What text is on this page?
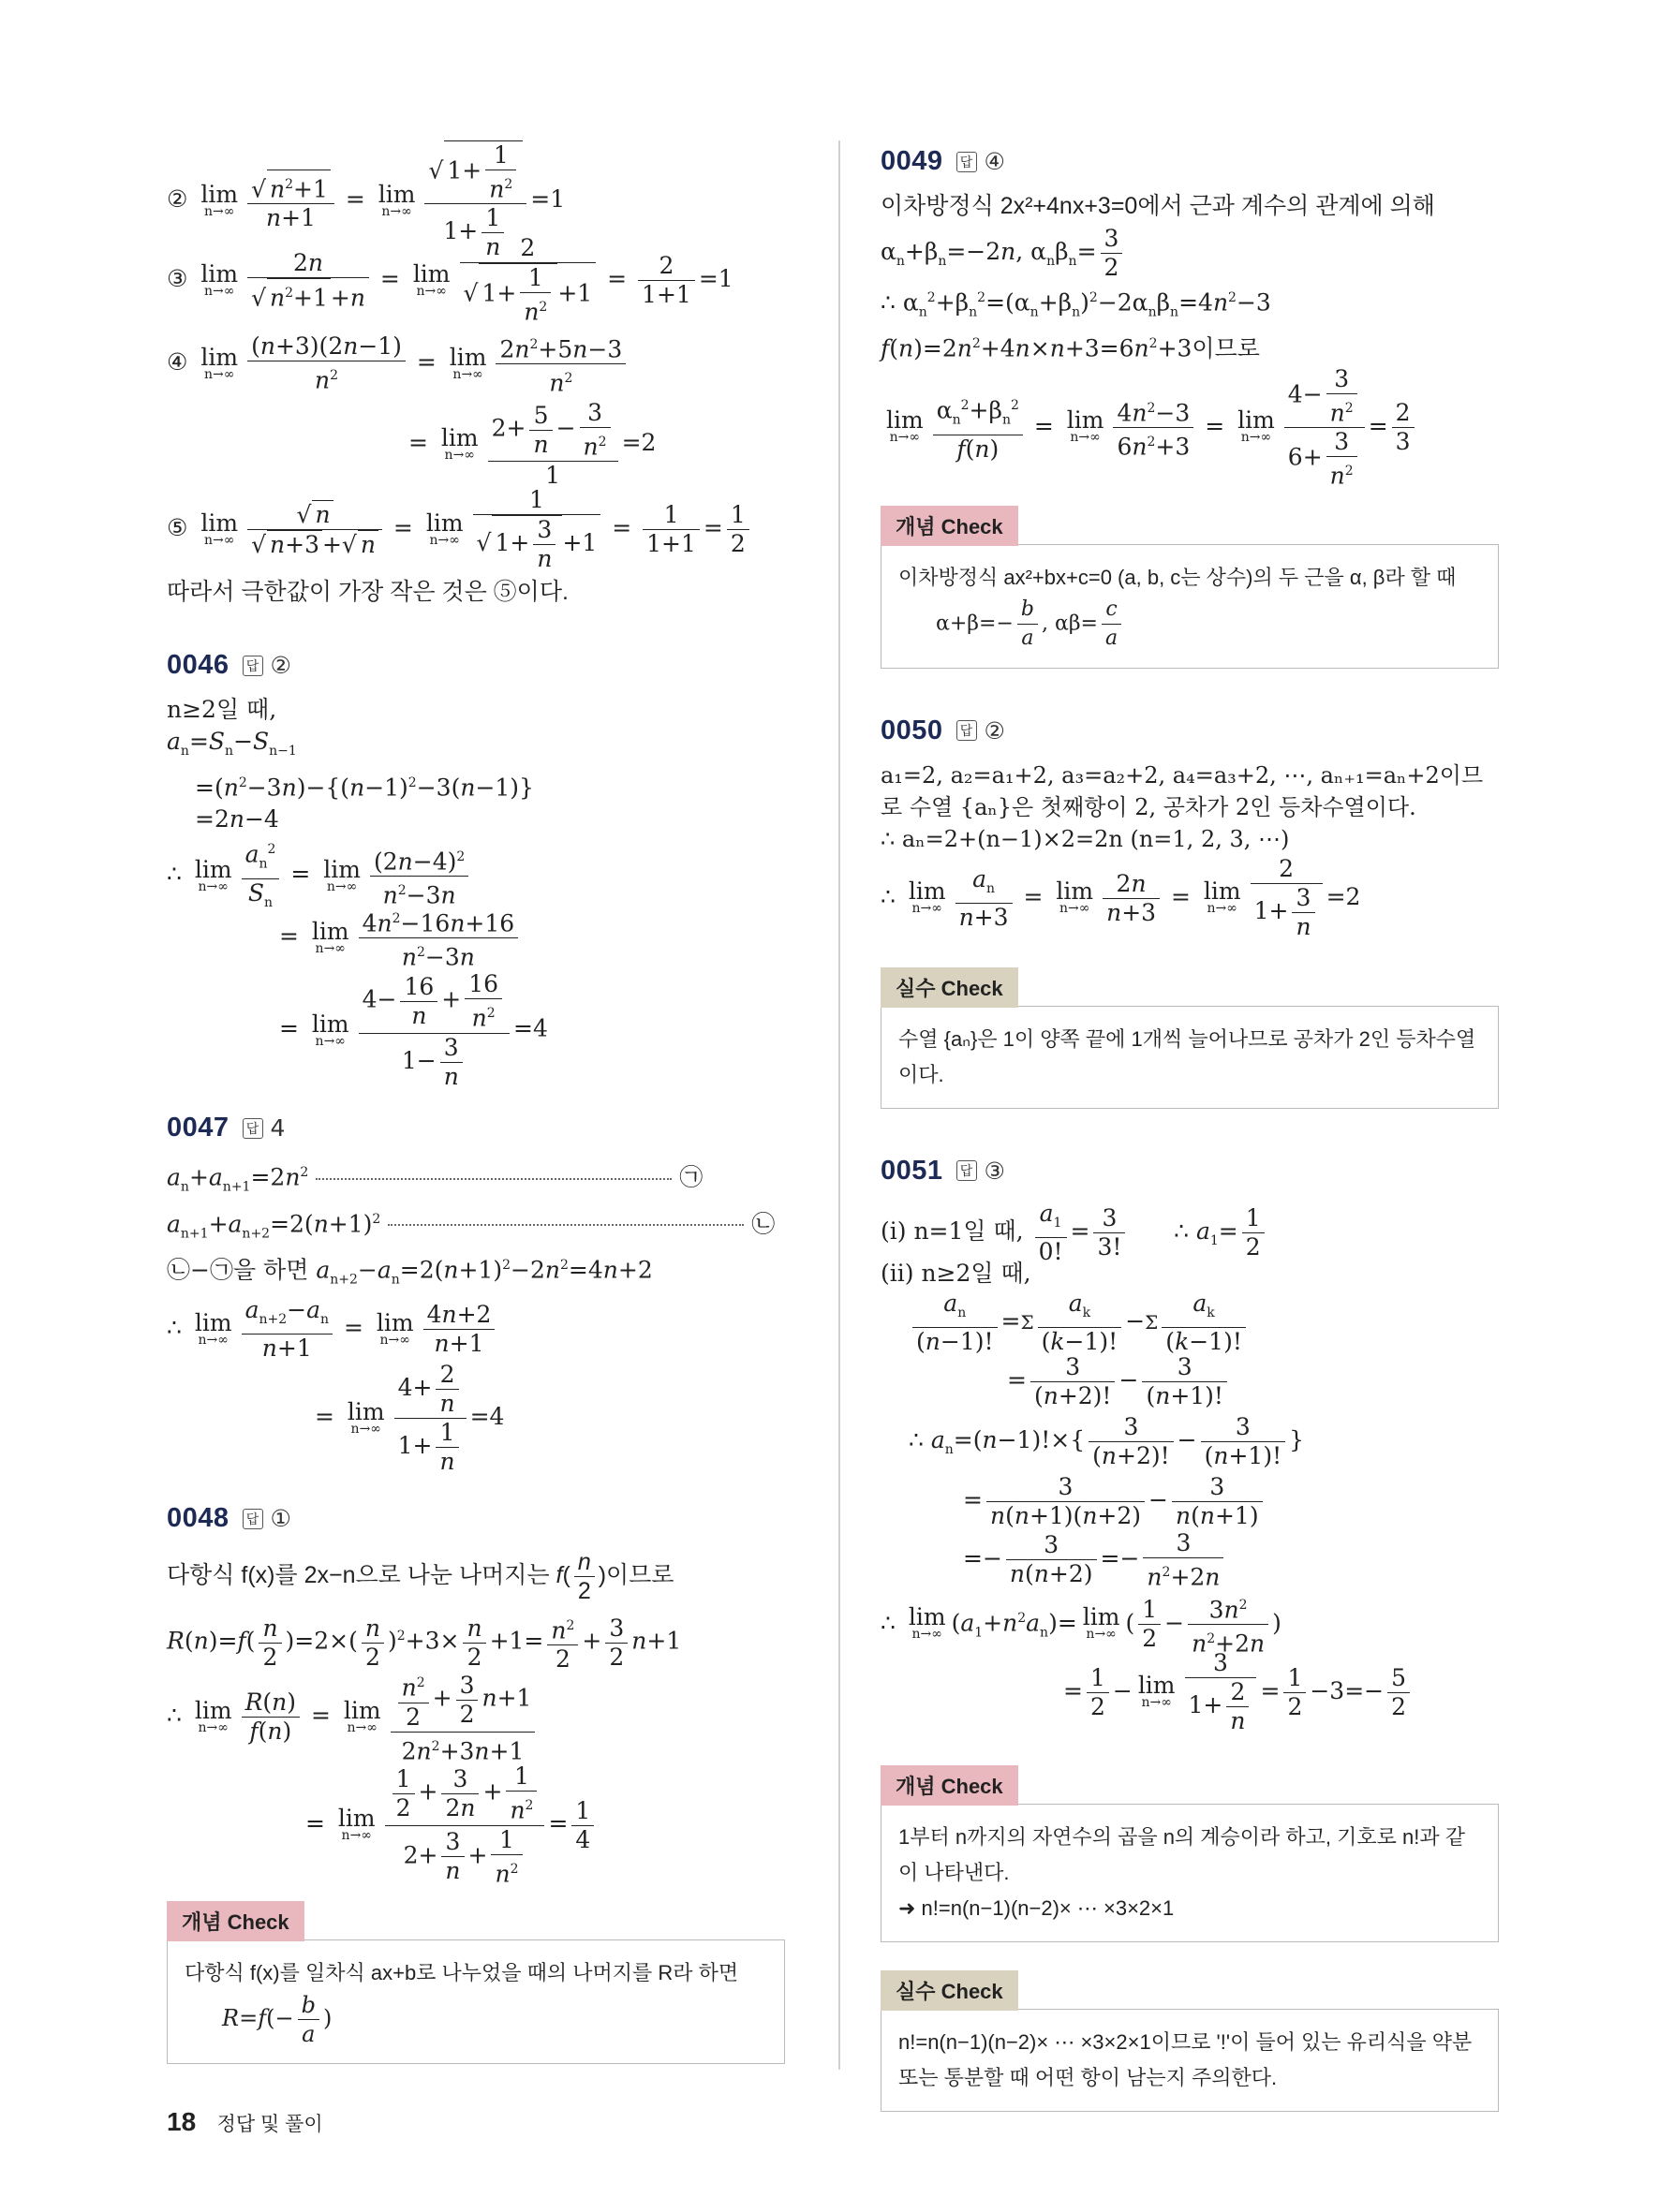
② lim
$n\to\infty \frac{√ n^2+1}{n+1} = \lim$
$n\to\infty \frac{√ 1+ \frac{1}{n^2}}{1+ \frac{1}{n}} =1$
③ lim
$n\to\infty \frac{2n}{√ n^2+1 +n} = \lim$
$n\to\infty \frac{2}{√ 1+ \frac{1}{n^2} +1} = \frac{2}{1+1} =1$
④ lim
$n\to\infty \frac{(n+3)(2n-1)}{n^2} = \lim$
$n\to\infty \frac{2n^2+5n-3}{n^2}$
= lim
$n\to\infty \frac{2+ \frac{5}{n} - \frac{3}{n^2}}{1} =2$
⑤ lim
$n\to\infty \frac{√ n}{√ n+3 +√ n} = \lim$
$n\to\infty \frac{1}{√ 1+ \frac{3}{n} +1} = \frac{1}{1+1} = \frac{1}{2}$
따라서 극한값이 가장 작은 것은 ⑤이다.
0046	답 ②
n≥2일 때,
$a_n=S_n-S_{n-1}$
$=(n^2-3n)-\{(n-1)^2-3(n-1)\}$
=2n−4
∴ lim
$n\to\infty \frac{a_n^2}{S_n} = \lim$
$n\to\infty \frac{(2n-4)^2}{n^2-3n}$
= lim
$n\to\infty \frac{4n^2-16n+16}{n^2-3n}$
= lim
$n\to\infty \frac{4- \frac{16}{n} + \frac{16}{n^2}}{1- \frac{3}{n}} =4$
0047	답 4
$a_n+a_{n+1}=2n^2$	㉠
$a_{n+1}+a_{n+2}=2(n+1)^2$	㉡
㉡−㉠을 하면 $a_{n+2}-a_n=2(n+1)^2-2n^2=4n+2$
∴ lim
$n\to\infty \frac{a_{n+2}-a_n}{n+1} = \lim$
$n\to\infty \frac{4n+2}{n+1}$
= lim
$n\to\infty \frac{4+ \frac{2}{n}}{1+ \frac{1}{n}} =4$
0048	답 ①
다항식 f(x)를 2x−n으로 나눈 나머지는 $f( \frac{n}{2}$ )이므로
$R(n)=f( \frac{n}{2} )=2\times( \frac{n}{2} )^2+3\times \frac{n}{2} +1= \frac{n^2}{2} + \frac{3}{2} n+1$
∴ lim
$n\to\infty \frac{R(n)}{f(n)} = \lim$
$n\to\infty \frac{\frac{n^2}{2} + \frac{3}{2} n+1}{2n^2+3n+1}$
= lim
$n\to\infty \frac{\frac{1}{2} + \frac{3}{2n} + \frac{1}{n^2}}{2+ \frac{3}{n} + \frac{1}{n^2}} = \frac{1}{4}$
개념 Check
다항식 f(x)를 일차식 ax+b로 나누었을 때의 나머지를 R라 하면
$R=f(- \frac{b}{a}$ )
0049	답 ④
이차방정식 2x²+4nx+3=0에서 근과 계수의 관계에 의해
$\alpha_n+\beta_n=-2n$, $\alpha_n\beta_n= \frac{3}{2}$
∴ $\alpha_n^2+\beta_n^2=(\alpha_n+\beta_n)^2-2\alpha_n\beta_n=4n^2-3$
$f(n)=2n^2+4n\times n+3=6n^2+3$이므로
lim
$n\to\infty \frac{\alpha_n^2+\beta_n^2}{f(n)} = \lim$
$n\to\infty \frac{4n^2-3}{6n^2+3} = \lim$
$n\to\infty \frac{4- \frac{3}{n^2}}{6+ \frac{3}{n^2}} = \frac{2}{3}$
개념 Check
이차방정식 ax²+bx+c=0 (a, b, c는 상수)의 두 근을 α, β라 할 때
$\alpha+\beta=- \frac{b}{a}$ , $\alpha\beta= \frac{c}{a}$
0050	답 ②
a₁=2, a₂=a₁+2, a₃=a₂+2, a₄=a₃+2, ⋯, aₙ₊₁=aₙ+2이므
로 수열 {aₙ}은 첫째항이 2, 공차가 2인 등차수열이다.
∴ aₙ=2+(n−1)×2=2n (n=1, 2, 3, ⋯)
∴ lim
$n\to\infty \frac{a_n}{n+3} = \lim$
$n\to\infty \frac{2n}{n+3} = \lim$
$n\to\infty \frac{2}{1+ \frac{3}{n}} =2$
실수 Check
수열 {aₙ}은 1이 양쪽 끝에 1개씩 늘어나므로 공차가 2인 등차수열이다.
0051	답 ③
(i) n=1일 때, $\frac{a_1}{0!} = \frac{3}{3!}$ ∴ $a_1= \frac{1}{2}$
(ii) n≥2일 때,
$\frac{a_n}{(n-1)!} =\Sigma \frac{a_k}{(k-1)!} -\Sigma \frac{a_k}{(k-1)!}$
= $\frac{3}{(n+2)!} - \frac{3}{(n+1)!}$
∴ $a_n=(n-1)!\times\{ \frac{3}{(n+2)!} - \frac{3}{(n+1)!}$ }
= $\frac{3}{n(n+1)(n+2)} - \frac{3}{n(n+1)}$
=− $\frac{3}{n(n+2)} =- \frac{3}{n^2+2n}$
∴ lim
n→∞ $(a_1+n^2a_n)= \lim$
n→∞ ( $\frac{1}{2} - \frac{3n^2}{n^2+2n}$ )
= $\frac{1}{2} - \lim$
$n\to\infty \frac{3}{1+ \frac{2}{n}} = \frac{1}{2} -3=- \frac{5}{2}$
개념 Check
1부터 n까지의 자연수의 곱을 n의 계승이라 하고, 기호로 n!과 같이 나타낸다.
➜ n!=n(n−1)(n−2)× ⋯ ×3×2×1
실수 Check
n!=n(n−1)(n−2)× ⋯ ×3×2×1이므로 '!'이 들어 있는 유리식을 약분 또는 통분할 때 어떤 항이 남는지 주의한다.
18 정답 및 풀이
